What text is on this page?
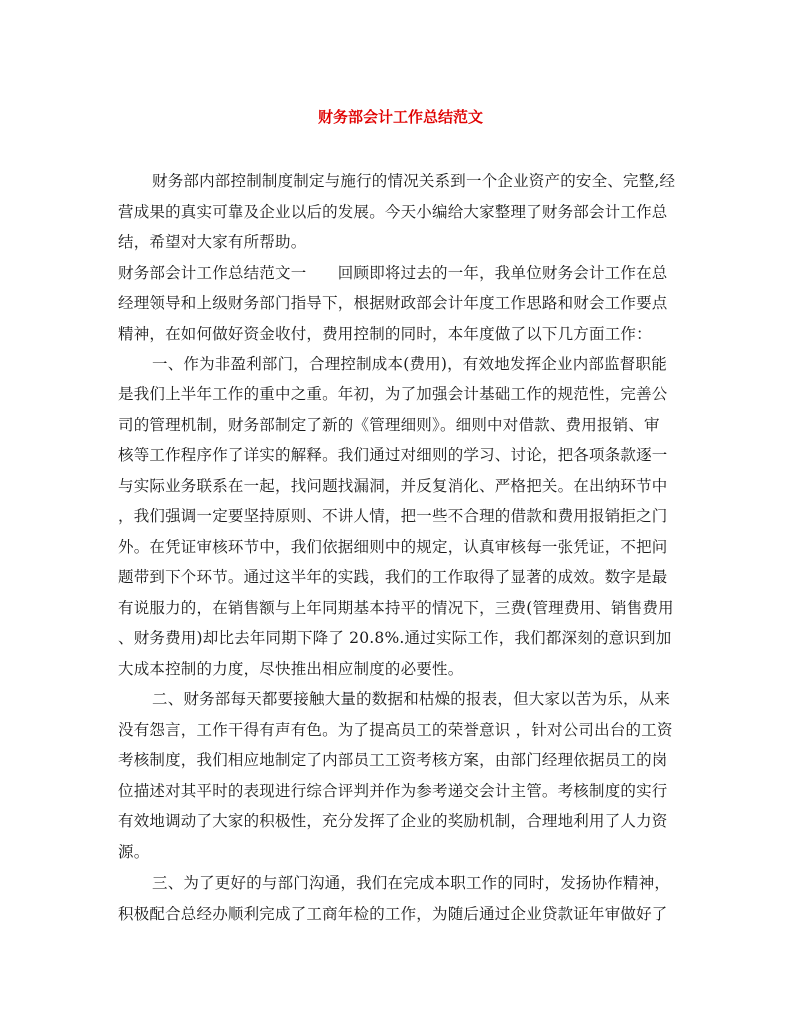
财务部会计工作总结范文
财务部内部控制制度制定与施行的情况关系到一个企业资产的安全、完整,经
营成果的真实可靠及企业以后的发展。今天小编给大家整理了财务部会计工作总
结，希望对大家有所帮助。
财务部会计工作总结范文一　　回顾即将过去的一年，我单位财务会计工作在总
经理领导和上级财务部门指导下，根据财政部会计年度工作思路和财会工作要点
精神，在如何做好资金收付，费用控制的同时，本年度做了以下几方面工作：
一、作为非盈利部门，合理控制成本(费用)，有效地发挥企业内部监督职能
是我们上半年工作的重中之重。年初，为了加强会计基础工作的规范性，完善公
司的管理机制，财务部制定了新的《管理细则》。细则中对借款、费用报销、审
核等工作程序作了详实的解释。我们通过对细则的学习、讨论，把各项条款逐一
与实际业务联系在一起，找问题找漏洞，并反复消化、严格把关。在出纳环节中
，我们强调一定要坚持原则、不讲人情，把一些不合理的借款和费用报销拒之门
外。在凭证审核环节中，我们依据细则中的规定，认真审核每一张凭证，不把问
题带到下个环节。通过这半年的实践，我们的工作取得了显著的成效。数字是最
有说服力的，在销售额与上年同期基本持平的情况下，三费(管理费用、销售费用
、财务费用)却比去年同期下降了 20.8%.通过实际工作，我们都深刻的意识到加
大成本控制的力度，尽快推出相应制度的必要性。
二、财务部每天都要接触大量的数据和枯燥的报表，但大家以苦为乐，从来
没有怨言，工作干得有声有色。为了提高员工的荣誉意识 ，针对公司出台的工资
考核制度，我们相应地制定了内部员工工资考核方案，由部门经理依据员工的岗
位描述对其平时的表现进行综合评判并作为参考递交会计主管。考核制度的实行
有效地调动了大家的积极性，充分发挥了企业的奖励机制，合理地利用了人力资
源。
三、为了更好的与部门沟通，我们在完成本职工作的同时，发扬协作精神，
积极配合总经办顺利完成了工商年检的工作，为随后通过企业贷款证年审做好了
